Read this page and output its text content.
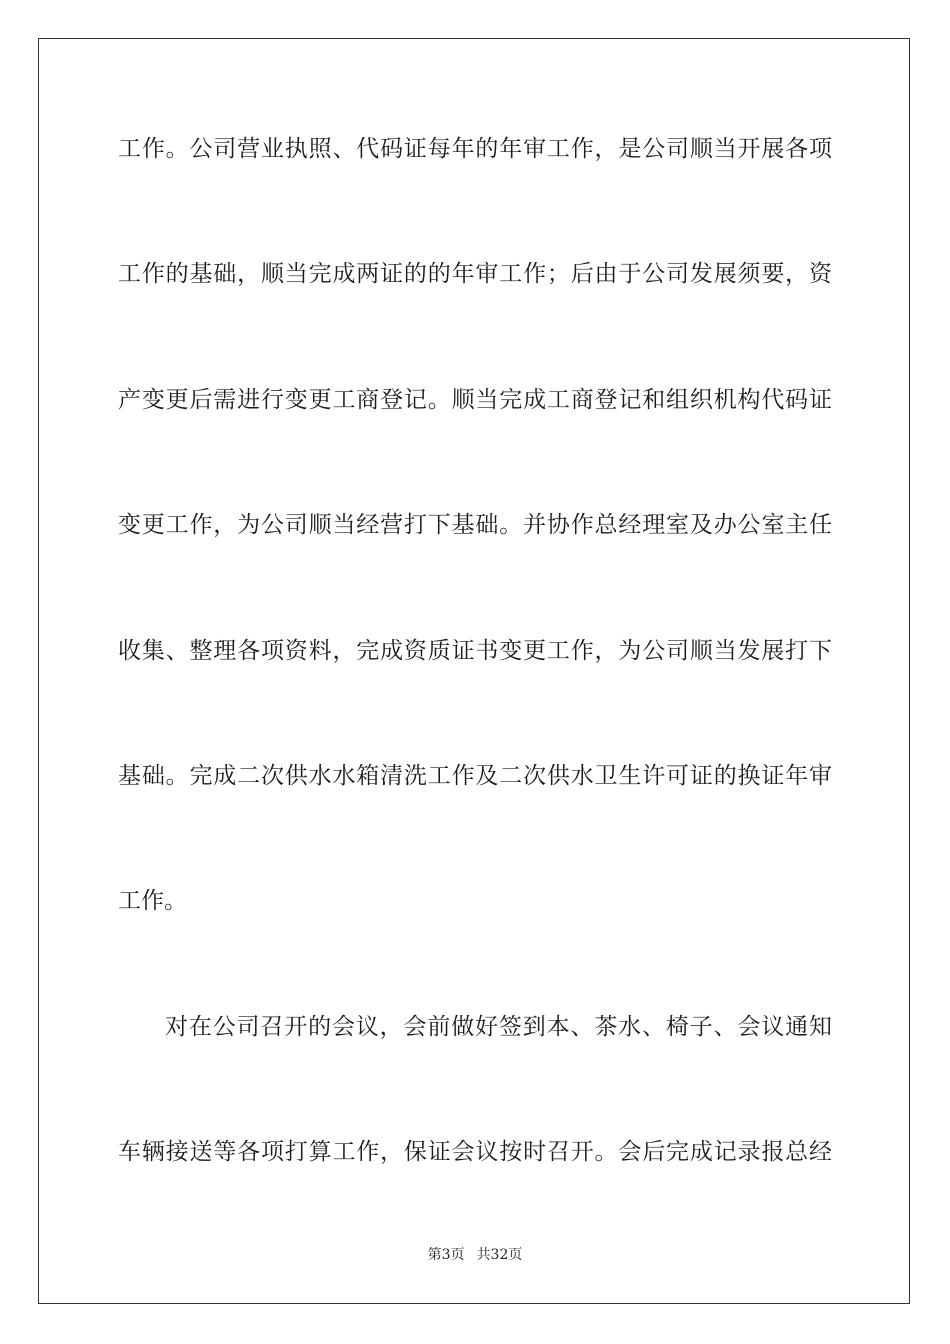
工作。公司营业执照、代码证每年的年审工作，是公司顺当开展各项
工作的基础，顺当完成两证的的年审工作；后由于公司发展须要，资
产变更后需进行变更工商登记。顺当完成工商登记和组织机构代码证
变更工作，为公司顺当经营打下基础。并协作总经理室及办公室主任
收集、整理各项资料，完成资质证书变更工作，为公司顺当发展打下
基础。完成二次供水水箱清洗工作及二次供水卫生许可证的换证年审
工作。
对在公司召开的会议，会前做好签到本、茶水、椅子、会议通知
车辆接送等各项打算工作，保证会议按时召开。会后完成记录报总经
第3页 共32页
